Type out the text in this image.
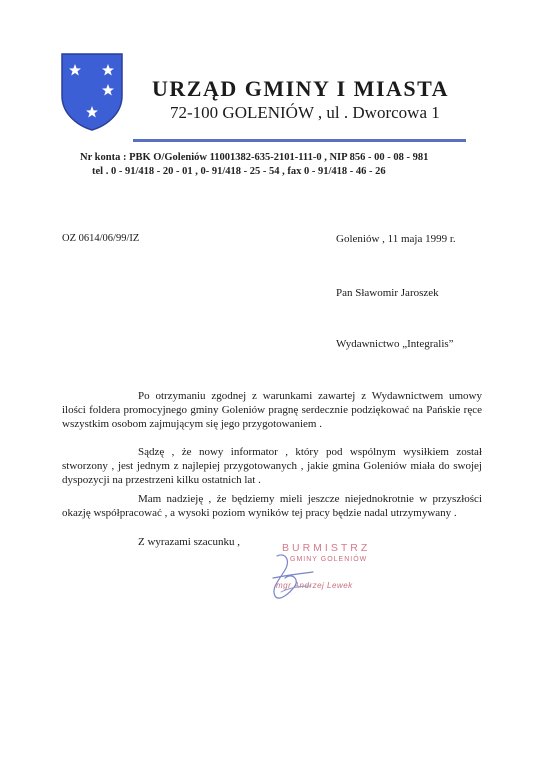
URZĄD GMINY I MIASTA
72-100 GOLENIÓW , ul . Dworcowa 1
Nr konta : PBK O/Goleniów 11001382-635-2101-111-0 , NIP 856 - 00 - 08 - 981
tel . 0 - 91/418 - 20 - 01 , 0- 91/418 - 25 - 54 , fax 0 - 91/418 - 46 - 26
OZ 0614/06/99/IZ	Goleniów , 11 maja 1999 r.
Pan Sławomir Jaroszek
Wydawnictwo „Integralis”
Po otrzymaniu zgodnej z warunkami zawartej z Wydawnictwem umowy ilości foldera promocyjnego gminy Goleniów pragnę serdecznie podziękować na Pańskie ręce wszystkim osobom zajmującym się jego przygotowaniem .
Sądzę , że nowy informator , który pod wspólnym wysiłkiem został stworzony , jest jednym z najlepiej przygotowanych , jakie gmina Goleniów miała do swojej dyspozycji na przestrzeni kilku ostatnich lat .
Mam nadzieję , że będziemy mieli jeszcze niejednokrotnie w przyszłości okazję współpracować , a wysoki poziom wyników tej pracy będzie nadal utrzymywany .
Z wyrazami szacunku ,	BURMISTRZ
GMINY GOLENIÓW
mgr Andrzej Lewek
